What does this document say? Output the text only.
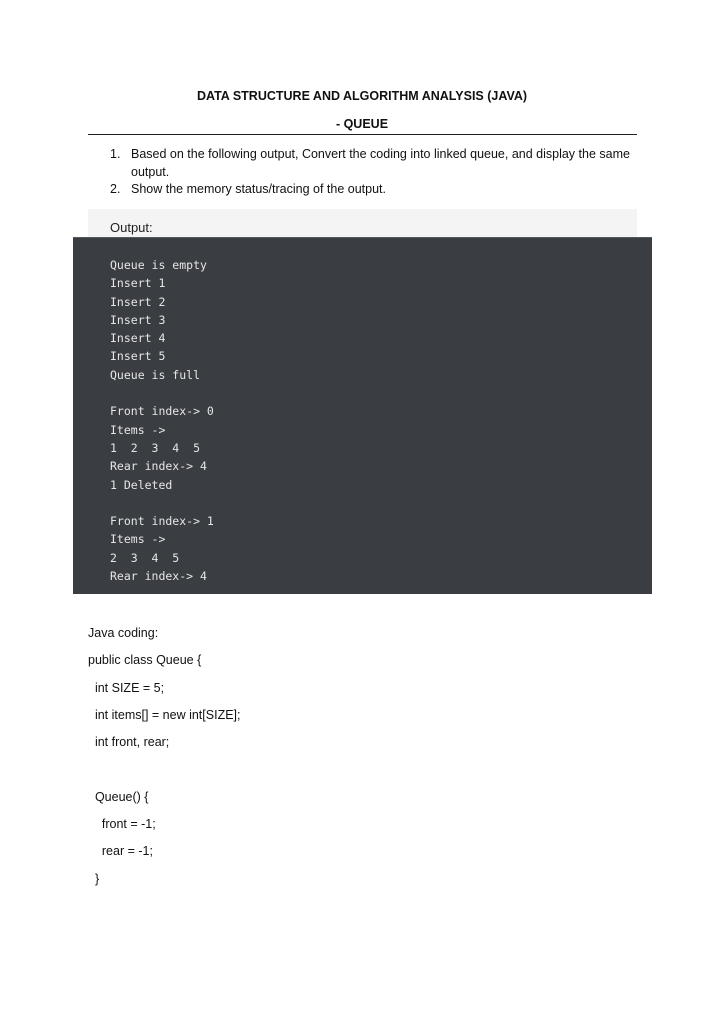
DATA STRUCTURE AND ALGORITHM ANALYSIS (JAVA)
- QUEUE
1. Based on the following output, Convert the coding into linked queue, and display the same output.
2. Show the memory status/tracing of the output.
Output:
Queue is empty
Insert 1
Insert 2
Insert 3
Insert 4
Insert 5
Queue is full
Front index-> 0
Items ->
1  2  3  4  5
Rear index-> 4
1 Deleted
Front index-> 1
Items ->
2  3  4  5
Rear index-> 4
Java coding:
public class Queue {
int SIZE = 5;
int items[] = new int[SIZE];
int front, rear;
Queue() {
front = -1;
rear = -1;
}
